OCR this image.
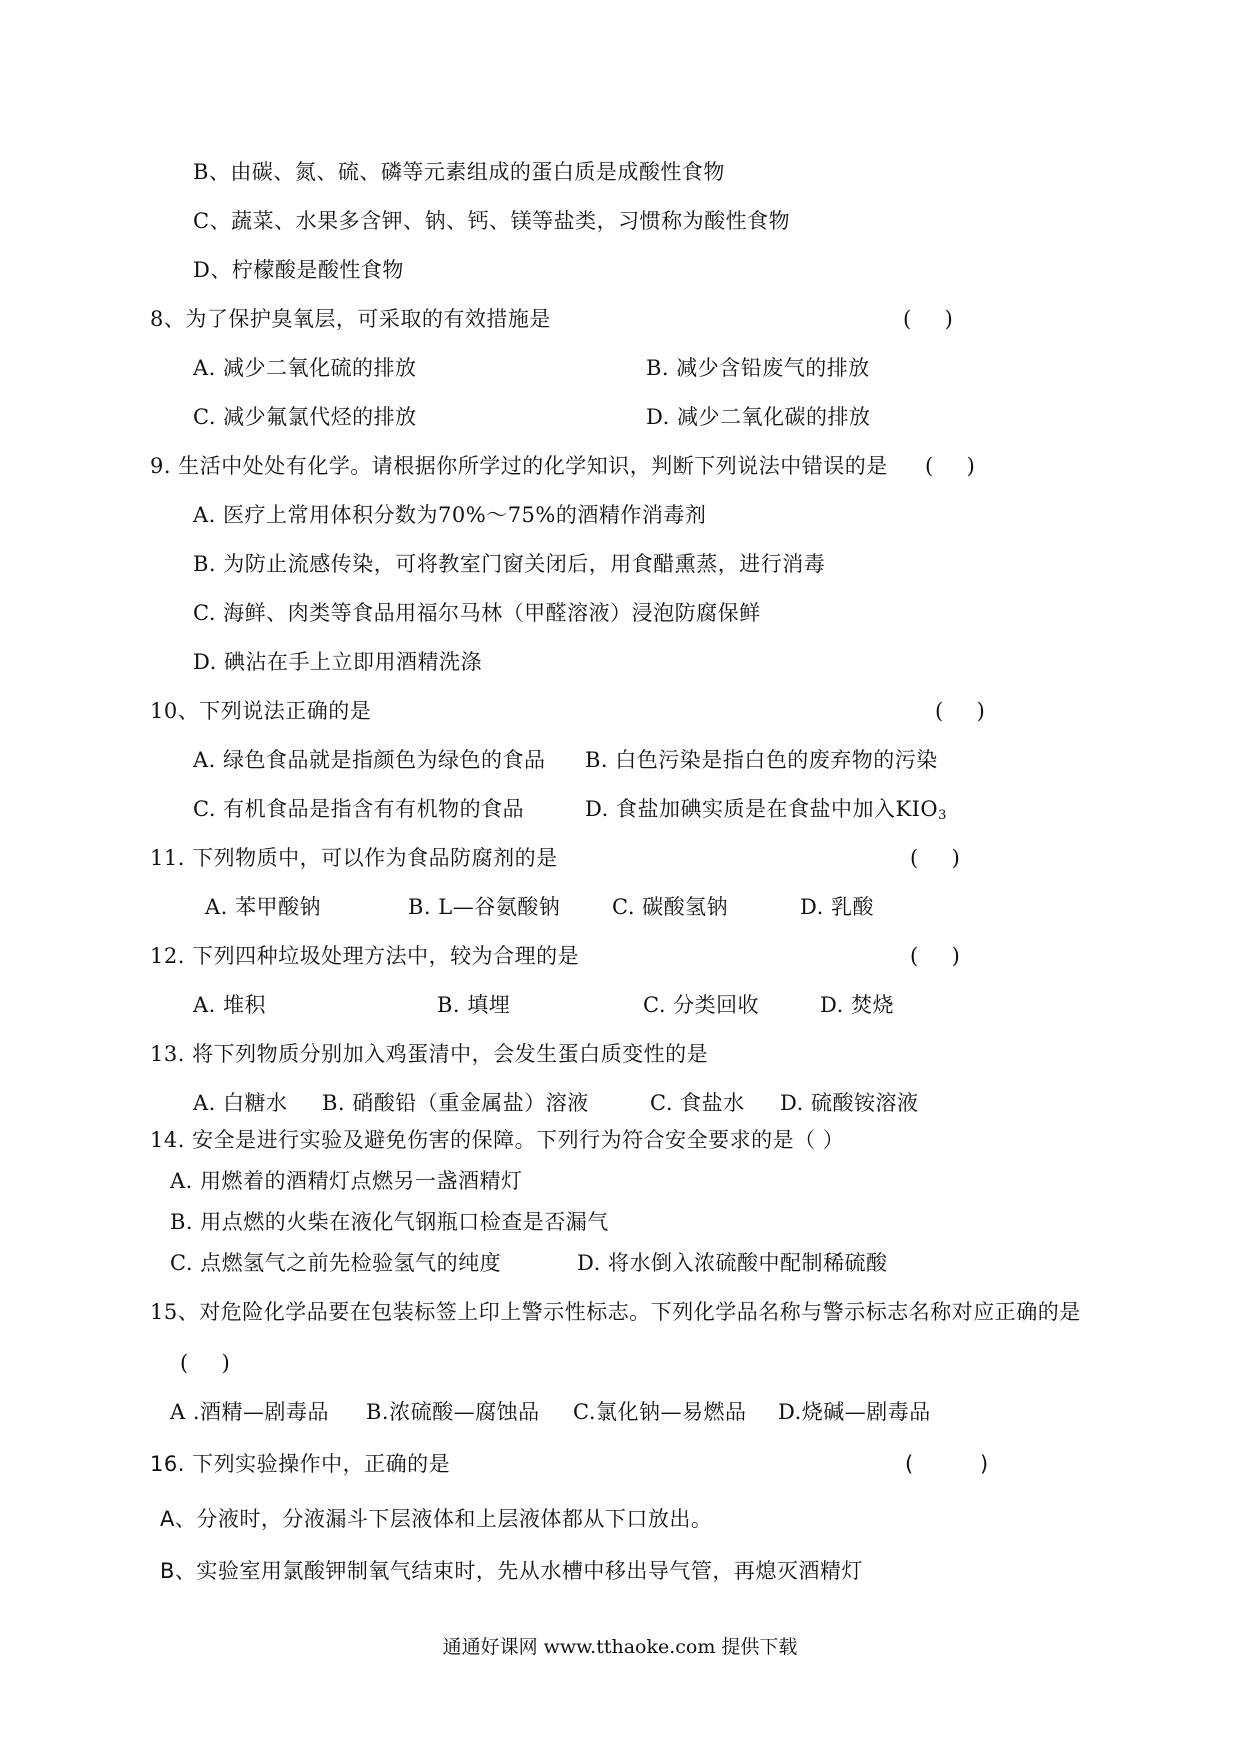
B、由碳、氮、硫、磷等元素组成的蛋白质是成酸性食物
C、蔬菜、水果多含钾、钠、钙、镁等盐类，习惯称为酸性食物
D、柠檬酸是酸性食物
8、为了保护臭氧层，可采取的有效措施是	(     )
A. 减少二氧化硫的排放	B. 减少含铅废气的排放
C. 减少氟氯代烃的排放	D. 减少二氧化碳的排放
9. 生活中处处有化学。请根据你所学过的化学知识，判断下列说法中错误的是 (     )
A. 医疗上常用体积分数为70%～75%的酒精作消毒剂
B. 为防止流感传染，可将教室门窗关闭后，用食醋熏蒸，进行消毒
C. 海鲜、肉类等食品用福尔马林（甲醛溶液）浸泡防腐保鲜
D. 碘沾在手上立即用酒精洗涤
10、下列说法正确的是	(     )
A. 绿色食品就是指颜色为绿色的食品 B. 白色污染是指白色的废弃物的污染
C. 有机食品是指含有有机物的食品	D. 食盐加碘实质是在食盐中加入$KIO_3$
11. 下列物质中，可以作为食品防腐剂的是	(     )
A. 苯甲酸钠	B. L—谷氨酸钠 C. 碳酸氢钠	D. 乳酸
12. 下列四种垃圾处理方法中，较为合理的是	(     )
A. 堆积	B. 填埋	C. 分类回收	D. 焚烧
13. 将下列物质分别加入鸡蛋清中，会发生蛋白质变性的是
A. 白糖水 B. 硝酸铅（重金属盐）溶液	C. 食盐水 D. 硫酸铵溶液
14. 安全是进行实验及避免伤害的保障。下列行为符合安全要求的是（ ）
A. 用燃着的酒精灯点燃另一盏酒精灯
B. 用点燃的火柴在液化气钢瓶口检查是否漏气
C. 点燃氢气之前先检验氢气的纯度	D. 将水倒入浓硫酸中配制稀硫酸
15、对危险化学品要在包装标签上印上警示性标志。下列化学品名称与警示标志名称对应正确的是
(     )
A .酒精—剧毒品 B.浓硫酸—腐蚀品 C.氯化钠—易燃品 D.烧碱—剧毒品
16. 下列实验操作中，正确的是	(          )
A、分液时，分液漏斗下层液体和上层液体都从下口放出。
B、实验室用氯酸钾制氧气结束时，先从水槽中移出导气管，再熄灭酒精灯
通通好课网 www.tthaoke.com 提供下载
